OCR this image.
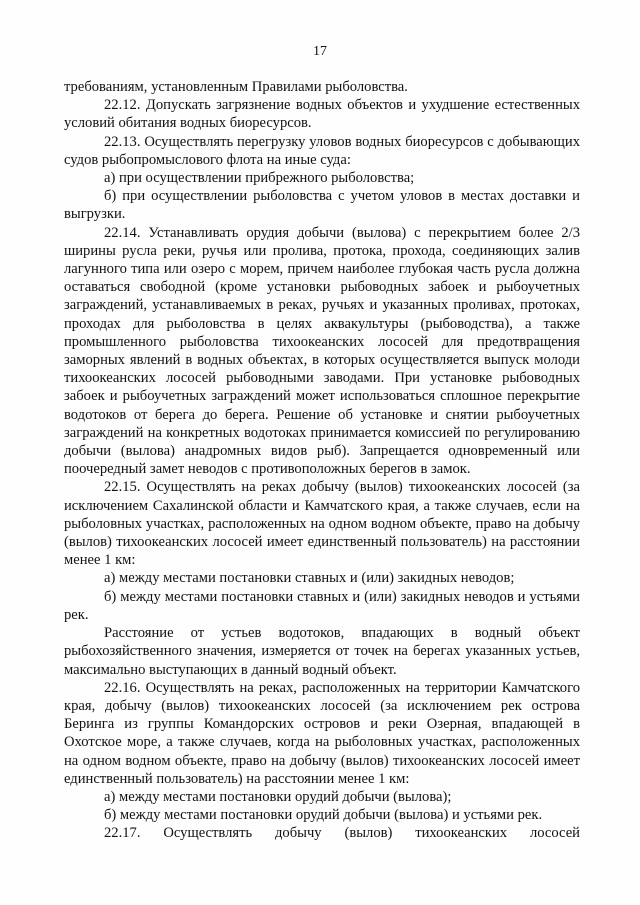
17

требованиям, установленным Правилами рыболовства.

22.12. Допускать загрязнение водных объектов и ухудшение естественных условий обитания водных биоресурсов.

22.13. Осуществлять перегрузку уловов водных биоресурсов с добывающих судов рыбопромыслового флота на иные суда:

а) при осуществлении прибрежного рыболовства;

б) при осуществлении рыболовства с учетом уловов в местах доставки и выгрузки.

22.14. Устанавливать орудия добычи (вылова) с перекрытием более 2/3 ширины русла реки, ручья или пролива, протока, прохода, соединяющих залив лагунного типа или озеро с морем, причем наиболее глубокая часть русла должна оставаться свободной (кроме установки рыбоводных забоек и рыбоучетных заграждений, устанавливаемых в реках, ручьях и указанных проливах, протоках, проходах для рыболовства в целях аквакультуры (рыбоводства), а также промышленного рыболовства тихоокеанских лососей для предотвращения заморных явлений в водных объектах, в которых осуществляется выпуск молоди тихоокеанских лососей рыбоводными заводами. При установке рыбоводных забоек и рыбоучетных заграждений может использоваться сплошное перекрытие водотоков от берега до берега. Решение об установке и снятии рыбоучетных заграждений на конкретных водотоках принимается комиссией по регулированию добычи (вылова) анадромных видов рыб). Запрещается одновременный или поочередный замет неводов с противоположных берегов в замок.

22.15. Осуществлять на реках добычу (вылов) тихоокеанских лососей (за исключением Сахалинской области и Камчатского края, а также случаев, если на рыболовных участках, расположенных на одном водном объекте, право на добычу (вылов) тихоокеанских лососей имеет единственный пользователь) на расстоянии менее 1 км:

а) между местами постановки ставных и (или) закидных неводов;

б) между местами постановки ставных и (или) закидных неводов и устьями рек.

Расстояние от устьев водотоков, впадающих в водный объект рыбохозяйственного значения, измеряется от точек на берегах указанных устьев, максимально выступающих в данный водный объект.

22.16. Осуществлять на реках, расположенных на территории Камчатского края, добычу (вылов) тихоокеанских лососей (за исключением рек острова Беринга из группы Командорских островов и реки Озерная, впадающей в Охотское море, а также случаев, когда на рыболовных участках, расположенных на одном водном объекте, право на добычу (вылов) тихоокеанских лососей имеет единственный пользователь) на расстоянии менее 1 км:

а) между местами постановки орудий добычи (вылова);

б) между местами постановки орудий добычи (вылова) и устьями рек.

22.17. Осуществлять добычу (вылов) тихоокеанских лососей
